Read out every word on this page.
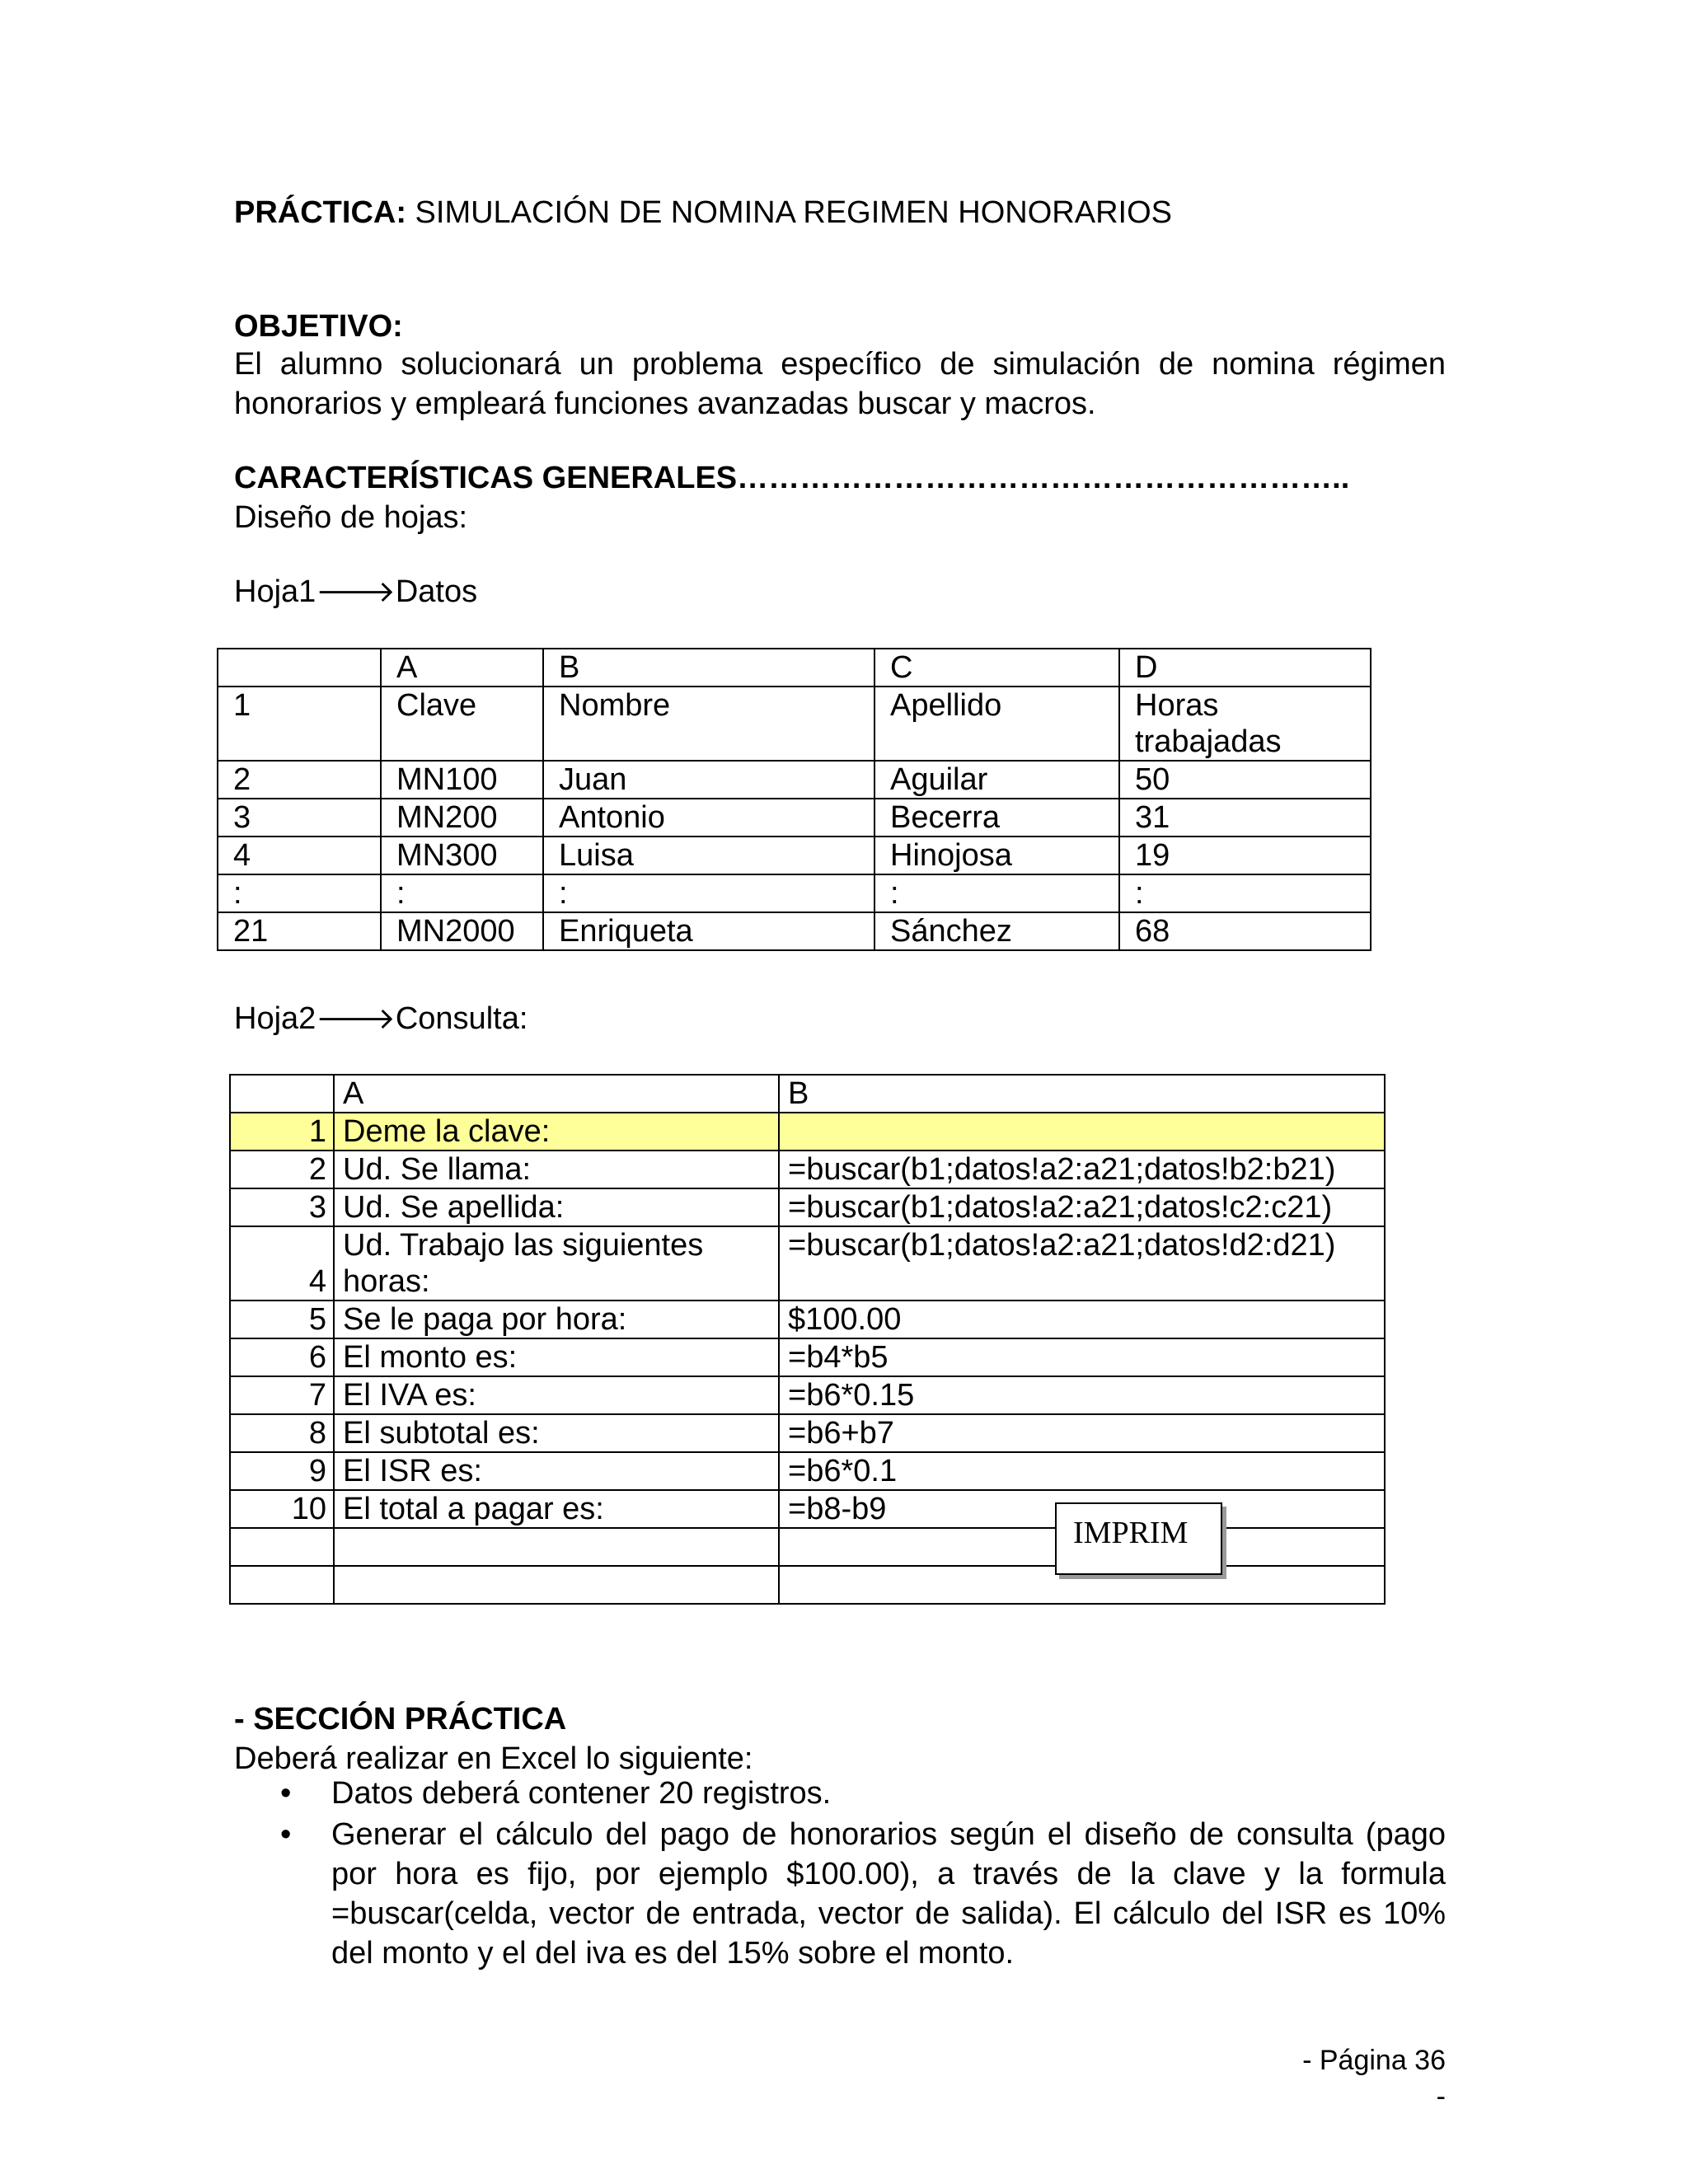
PRÁCTICA: SIMULACIÓN DE NOMINA REGIMEN HONORARIOS
OBJETIVO:
El alumno solucionará un problema específico de simulación de nomina régimen
honorarios y empleará funciones avanzadas buscar y macros.
CARACTERÍSTICAS GENERALES…………………………………………………..
Diseño de hojas:
Hoja1🡒Datos
	A	B	C	D
1	Clave	Nombre	Apellido	Horas trabajadas
2	MN100	Juan	Aguilar	50
3	MN200	Antonio	Becerra	31
4	MN300	Luisa	Hinojosa	19
:	:	:	:	:
21	MN2000	Enriqueta	Sánchez	68
Hoja2🡒Consulta:
	A	B
1	Deme la clave:	
2	Ud. Se llama:	=buscar(b1;datos!a2:a21;datos!b2:b21)
3	Ud. Se apellida:	=buscar(b1;datos!a2:a21;datos!c2:c21)
4	Ud. Trabajo las siguientes horas:	=buscar(b1;datos!a2:a21;datos!d2:d21)
5	Se le paga por hora:	$100.00
6	El monto es:	=b4*b5
7	El IVA es:	=b6*0.15
8	El subtotal es:	=b6+b7
9	El ISR es:	=b6*0.1
10	El total a pagar es:	=b8-b9

IMPRIM
- SECCIÓN PRÁCTICA
Deberá realizar en Excel lo siguiente:
• Datos deberá contener 20 registros.
• Generar el cálculo del pago de honorarios según el diseño de consulta (pago por hora es fijo, por ejemplo $100.00), a través de la clave y la formula =buscar(celda, vector de entrada, vector de salida). El cálculo del ISR es 10% del monto y el del iva es del 15% sobre el monto.
- Página 36 -
